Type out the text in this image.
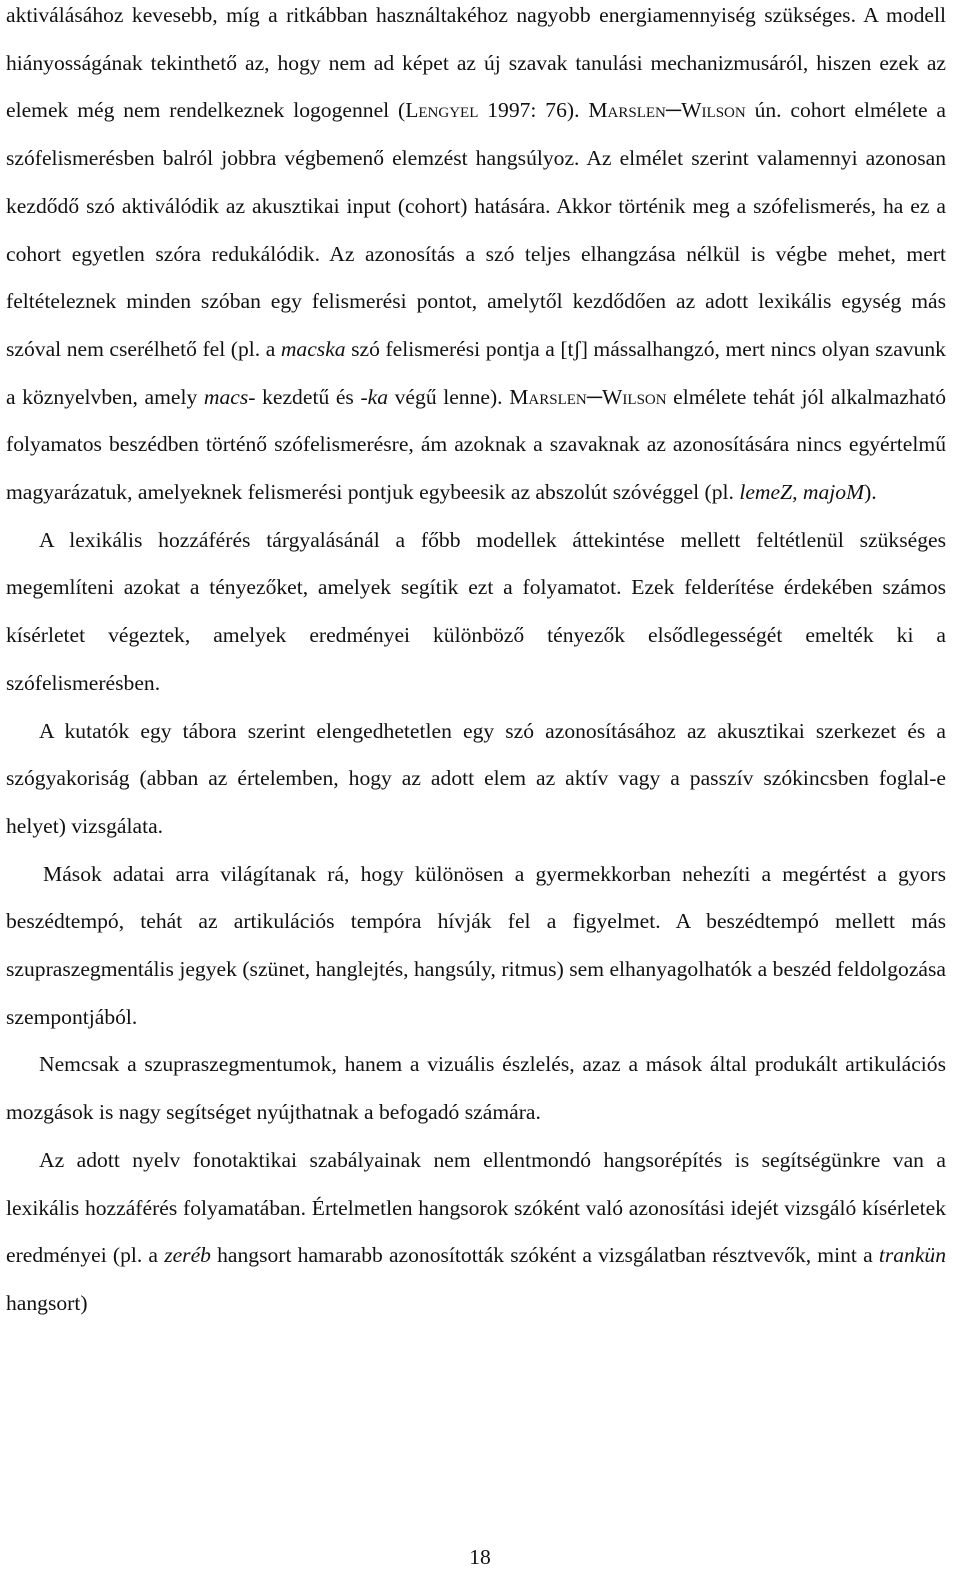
aktiválásához kevesebb, míg a ritkábban használtakéhoz nagyobb energiamennyiség szükséges. A modell hiányosságának tekinthető az, hogy nem ad képet az új szavak tanulási mechanizmusáról, hiszen ezek az elemek még nem rendelkeznek logogennel (Lengyel 1997: 76). Marslen─Wilson ún. cohort elmélete a szófelismerésben balról jobbra végbemenő elemzést hangsúlyoz. Az elmélet szerint valamennyi azonosan kezdődő szó aktiválódik az akusztikai input (cohort) hatására. Akkor történik meg a szófelismerés, ha ez a cohort egyetlen szóra redukálódik. Az azonosítás a szó teljes elhangzása nélkül is végbe mehet, mert feltételeznek minden szóban egy felismerési pontot, amelytől kezdődően az adott lexikális egység más szóval nem cserélhető fel (pl. a macska szó felismerési pontja a [tʃ] mássalhangzó, mert nincs olyan szavunk a köznyelvben, amely macs- kezdetű és -ka végű lenne). Marslen─Wilson elmélete tehát jól alkalmazható folyamatos beszédben történő szófelismerésre, ám azoknak a szavaknak az azonosítására nincs egyértelmű magyarázatuk, amelyeknek felismerési pontjuk egybeesik az abszolút szóvéggel (pl. lemeZ, majoM).

A lexikális hozzáférés tárgyalásánál a főbb modellek áttekintése mellett feltétlenül szükséges megemlíteni azokat a tényezőket, amelyek segítik ezt a folyamatot. Ezek felderítése érdekében számos kísérletet végeztek, amelyek eredményei különböző tényezők elsődlegességét emelték ki a szófelismerésben.

A kutatók egy tábora szerint elengedhetetlen egy szó azonosításához az akusztikai szerkezet és a szógyakoriság (abban az értelemben, hogy az adott elem az aktív vagy a passzív szókincsben foglal-e helyet) vizsgálata.

Mások adatai arra világítanak rá, hogy különösen a gyermekkorban nehezíti a megértést a gyors beszédtempó, tehát az artikulációs tempóra hívják fel a figyelmet. A beszédtempó mellett más szupraszegmentális jegyek (szünet, hanglejtés, hangsúly, ritmus) sem elhanyagolhatók a beszéd feldolgozása szempontjából.

Nemcsak a szupraszegmentumok, hanem a vizuális észlelés, azaz a mások által produkált artikulációs mozgások is nagy segítséget nyújthatnak a befogadó számára.

Az adott nyelv fonotaktikai szabályainak nem ellentmondó hangsorépítés is segítségünkre van a lexikális hozzáférés folyamatában. Értelmetlen hangsorok szóként való azonosítási idejét vizsgáló kísérletek eredményei (pl. a zeréb hangsort hamarabb azonosították szóként a vizsgálatban résztvevők, mint a trankün hangsort)

18
